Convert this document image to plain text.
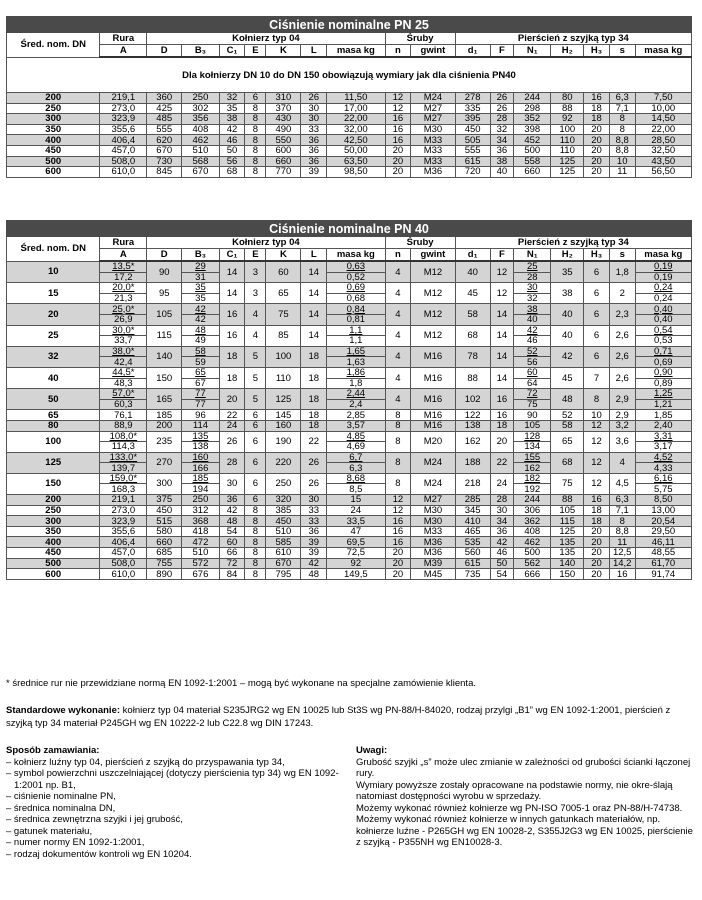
Ciśnienie nominalne PN 25																	
Śred. nom. DN	Rura	Kołnierz typ 04							Śruby		Pierścień z szyjką typ 34						
	A	D	B₃	C₁	E	K	L	masa kg	n	gwint	d₁	F	N₁	H₂	H₃	s	masa kg
Dla kołnierzy DN 10 do DN 150 obowiązują wymiary jak dla ciśnienia PN40																	
200	219,1	360	250	32	6	310	26	11,50	12	M24	278	26	244	80	16	6,3	7,50
250	273,0	425	302	35	8	370	30	17,00	12	M27	335	26	298	88	18	7,1	10,00
300	323,9	485	356	38	8	430	30	22,00	16	M27	395	28	352	92	18	8	14,50
350	355,6	555	408	42	8	490	33	32,00	16	M30	450	32	398	100	20	8	22,00
400	406,4	620	462	46	8	550	36	42,50	16	M33	505	34	452	110	20	8,8	28,50
450	457,0	670	510	50	8	600	36	50,00	20	M33	555	36	500	110	20	8,8	32,50
500	508,0	730	568	56	8	660	36	63,50	20	M33	615	38	558	125	20	10	43,50
600	610,0	845	670	68	8	770	39	98,50	20	M36	720	40	660	125	20	11	56,50
Ciśnienie nominalne PN 40																	
Śred. nom. DN	Rura	Kołnierz typ 04							Śruby		Pierścień z szyjką typ 34						
	A	D	B₃	C₁	E	K	L	masa kg	n	gwint	d₁	F	N₁	H₂	H₃	s	masa kg
10	13,5*	90	29	14	3	60	14	0,63	4	M12	40	12	25	35	6	1,8	0,19
	17,2		31					0,52					28				0,19
15	20,0*	95	35	14	3	65	14	0,69	4	M12	45	12	30	38	6	2	0,24
	21,3		35					0,68					32				0,24
20	25,0*	105	42	16	4	75	14	0,84	4	M12	58	14	38	40	6	2,3	0,40
	26,9		42					0,81					40				0,40
25	30,0*	115	48	16	4	85	14	1,1	4	M12	68	14	42	40	6	2,6	0,54
	33,7		49					1,1					46				0,53
32	38,0*	140	58	18	5	100	18	1,65	4	M16	78	14	52	42	6	2,6	0,71
	42,4		59					1,63					56				0,69
40	44,5*	150	65	18	5	110	18	1,86	4	M16	88	14	60	45	7	2,6	0,90
	48,3		67					1,8					64				0,89
50	57,0*	165	77	20	5	125	18	2,44	4	M16	102	16	72	48	8	2,9	1,25
	60,3		77					2,4					75				1,21
65	76,1	185	96	22	6	145	18	2,85	8	M16	122	16	90	52	10	2,9	1,85
80	88,9	200	114	24	6	160	18	3,57	8	M16	138	18	105	58	12	3,2	2,40
100	108,0*	235	135	26	6	190	22	4,85	8	M20	162	20	128	65	12	3,6	3,31
	114,3		138					4,69					134				3,17
125	133,0*	270	160	28	6	220	26	6,7	8	M24	188	22	155	68	12	4	4,52
	139,7		166					6,3					162				4,33
150	159,0*	300	185	30	6	250	26	8,68	8	M24	218	24	182	75	12	4,5	6,16
	168,3		194					8,5					192				5,75
200	219,1	375	250	36	6	320	30	15	12	M27	285	28	244	88	16	6,3	8,50
250	273,0	450	312	42	8	385	33	24	12	M30	345	30	306	105	18	7,1	13,00
300	323,9	515	368	48	8	450	33	33,5	16	M30	410	34	362	115	18	8	20,54
350	355,6	580	418	54	8	510	36	47	16	M33	465	36	408	125	20	8,8	29,50
400	406,4	660	472	60	8	585	39	69,5	16	M36	535	42	462	135	20	11	46,11
450	457,0	685	510	66	8	610	39	72,5	20	M36	560	46	500	135	20	12,5	48,55
500	508,0	755	572	72	8	670	42	92	20	M39	615	50	562	140	20	14,2	61,70
600	610,0	890	676	84	8	795	48	149,5	20	M45	735	54	666	150	20	16	91,74
* średnice rur nie przewidziane normą EN 1092-1:2001 – mogą być wykonane na specjalne zamówienie klienta.
Standardowe wykonanie: kołnierz typ 04 materiał S235JRG2 wg EN 10025 lub St3S wg PN-88/H-84020, rodzaj przylgi „B1” wg EN 1092-1:2001, pierścień z szyjką typ 34 materiał P245GH wg EN 10222-2 lub C22.8 wg DIN 17243.
Sposób zamawiania:
– kołnierz luźny typ 04, pierścień z szyjką do przyspawania typ 34,
– symbol powierzchni uszczelniającej (dotyczy pierścienia typ 34) wg EN 1092-1:2001 np. B1,
– ciśnienie nominalne PN,
– średnica nominalna DN,
– średnica zewnętrzna szyjki i jej grubość,
– gatunek materiału,
– numer normy EN 1092-1:2001,
– rodzaj dokumentów kontroli wg EN 10204.
Uwagi:

Grubość szyjki „s” może ulec zmianie w zależności od grubości ścianki łączonej rury.

Wymiary powyższe zostały opracowane na podstawie normy, nie okre-ślają natomiast dostępności wyrobu w sprzedaży.

Możemy wykonać również kołnierze wg PN-ISO 7005-1 oraz PN-88/H-74738.

Możemy wykonać również kołnierze w innych gatunkach materiałów, np. kołnierze luźne - P265GH wg EN 10028-2, S355J2G3 wg EN 10025, pierścienie z szyjką - P355NH wg EN10028-3.
